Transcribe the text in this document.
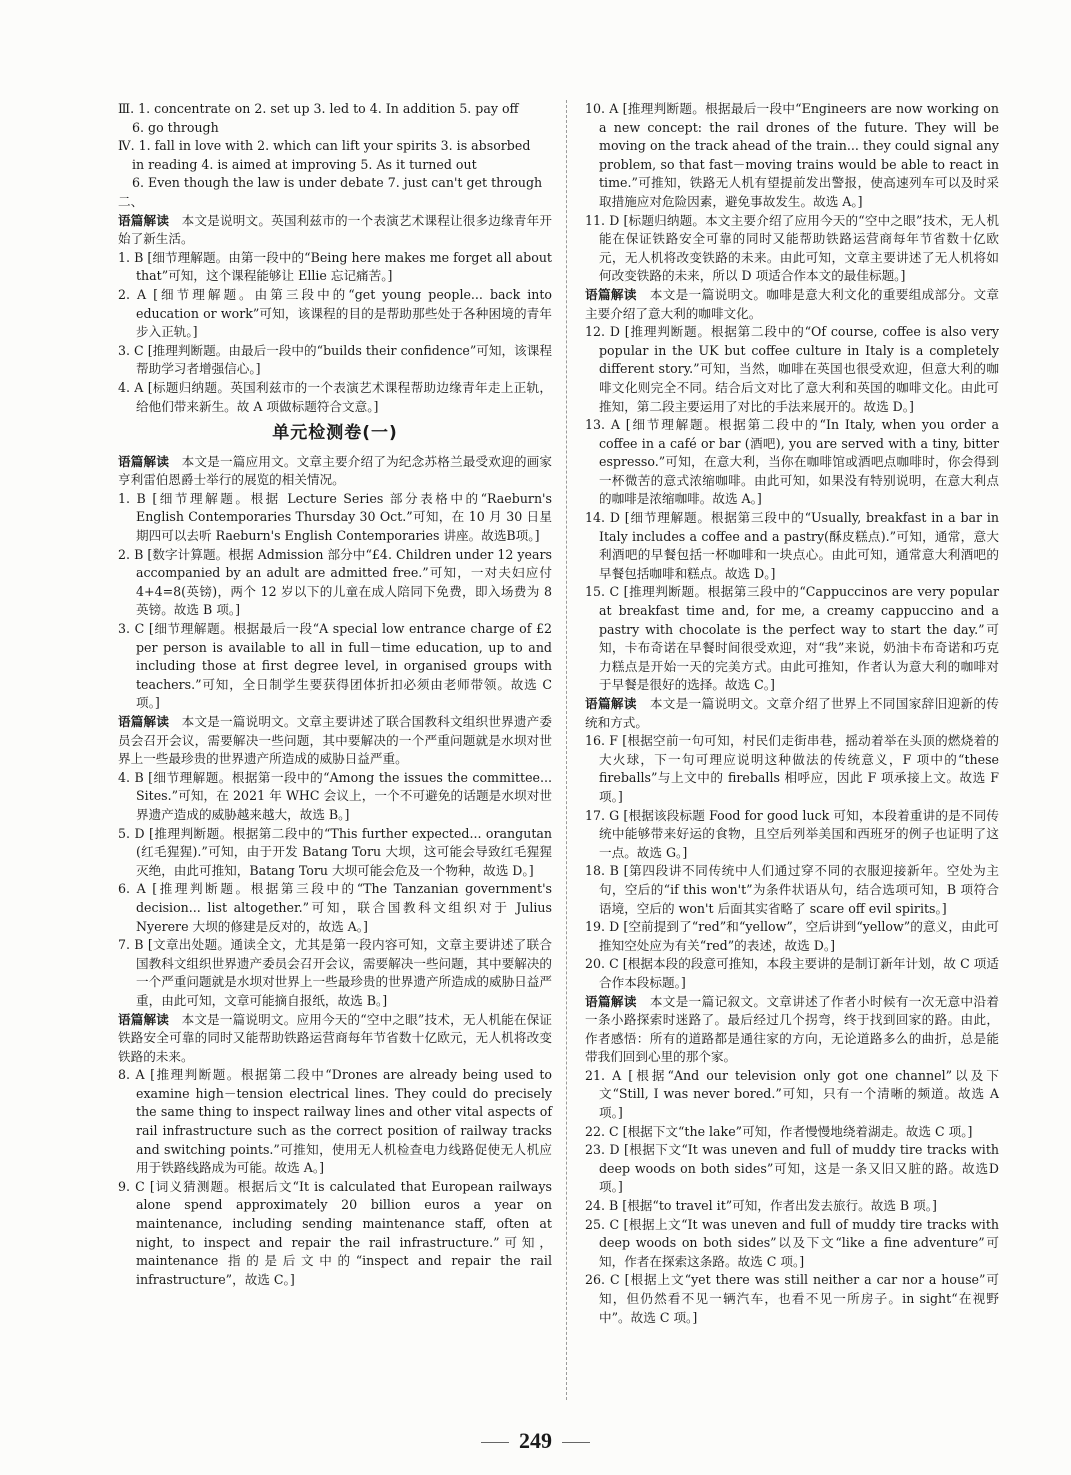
Ⅲ. 1. concentrate on 2. set up 3. led to 4. In addition 5. pay off

6. go through

Ⅳ. 1. fall in love with 2. which can lift your spirits 3. is absorbed

in reading 4. is aimed at improving 5. As it turned out

6. Even though the law is under debate 7. just can't get through

二、

语篇解读 本文是说明文。英国利兹市的一个表演艺术课程让很多边缘青年开始了新生活。

1. B [细节理解题。由第一段中的“Being here makes me forget all about that”可知，这个课程能够让 Ellie 忘记痛苦。]

2. A [细节理解题。由第三段中的“get young people... back into education or work”可知，该课程的目的是帮助那些处于各种困境的青年步入正轨。]

3. C [推理判断题。由最后一段中的“builds their confidence”可知，该课程帮助学习者增强信心。]

4. A [标题归纳题。英国利兹市的一个表演艺术课程帮助边缘青年走上正轨，给他们带来新生。故 A 项做标题符合文意。]

单元检测卷(一)

语篇解读 本文是一篇应用文。文章主要介绍了为纪念苏格兰最受欢迎的画家亨利雷伯恩爵士举行的展览的相关情况。

1. B [细节理解题。根据 Lecture Series 部分表格中的“Raeburn's English Contemporaries Thursday 30 Oct.”可知，在 10 月 30 日星期四可以去听 Raeburn's English Contemporaries 讲座。故选B项。]

2. B [数字计算题。根据 Admission 部分中“£4. Children under 12 years accompanied by an adult are admitted free.”可知，一对夫妇应付 4+4=8(英镑)，两个 12 岁以下的儿童在成人陪同下免费，即入场费为 8 英镑。故选 B 项。]

3. C [细节理解题。根据最后一段“A special low entrance charge of £2 per person is available to all in full－time education, up to and including those at first degree level, in organised groups with teachers.”可知，全日制学生要获得团体折扣必须由老师带领。故选 C 项。]

语篇解读 本文是一篇说明文。文章主要讲述了联合国教科文组织世界遗产委员会召开会议，需要解决一些问题，其中要解决的一个严重问题就是水坝对世界上一些最珍贵的世界遗产所造成的威胁日益严重。

4. B [细节理解题。根据第一段中的“Among the issues the committee... Sites.”可知，在 2021 年 WHC 会议上，一个不可避免的话题是水坝对世界遗产造成的威胁越来越大，故选 B。]

5. D [推理判断题。根据第二段中的“This further expected... orangutan (红毛猩猩).”可知，由于开发 Batang Toru 大坝，这可能会导致红毛猩猩灭绝，由此可推知，Batang Toru 大坝可能会危及一个物种，故选 D。]

6. A [推理判断题。根据第三段中的“The Tanzanian government's decision... list altogether.”可知，联合国教科文组织对于 Julius Nyerere 大坝的修建是反对的，故选 A。]

7. B [文章出处题。通读全文，尤其是第一段内容可知，文章主要讲述了联合国教科文组织世界遗产委员会召开会议，需要解决一些问题，其中要解决的一个严重问题就是水坝对世界上一些最珍贵的世界遗产所造成的威胁日益严重，由此可知，文章可能摘自报纸，故选 B。]

语篇解读 本文是一篇说明文。应用今天的“空中之眼”技术，无人机能在保证铁路安全可靠的同时又能帮助铁路运营商每年节省数十亿欧元，无人机将改变铁路的未来。

8. A [推理判断题。根据第二段中“Drones are already being used to examine high－tension electrical lines. They could do precisely the same thing to inspect railway lines and other vital aspects of rail infrastructure such as the correct position of railway tracks and switching points.”可推知，使用无人机检查电力线路促使无人机应用于铁路线路成为可能。故选 A。]

9. C [词义猜测题。根据后文“It is calculated that European railways alone spend approximately 20 billion euros a year on maintenance, including sending maintenance staff, often at night, to inspect and repair the rail infrastructure.”可知，maintenance 指的是后文中的“inspect and repair the rail infrastructure”，故选 C。]

10. A [推理判断题。根据最后一段中“Engineers are now working on a new concept: the rail drones of the future. They will be moving on the track ahead of the train... they could signal any problem, so that fast－moving trains would be able to react in time.”可推知，铁路无人机有望提前发出警报，使高速列车可以及时采取措施应对危险因素，避免事故发生。故选 A。]

11. D [标题归纳题。本文主要介绍了应用今天的“空中之眼”技术，无人机能在保证铁路安全可靠的同时又能帮助铁路运营商每年节省数十亿欧元，无人机将改变铁路的未来。由此可知，文章主要讲述了无人机将如何改变铁路的未来，所以 D 项适合作本文的最佳标题。]

语篇解读 本文是一篇说明文。咖啡是意大利文化的重要组成部分。文章主要介绍了意大利的咖啡文化。

12. D [推理判断题。根据第二段中的“Of course, coffee is also very popular in the UK but coffee culture in Italy is a completely different story.”可知，当然，咖啡在英国也很受欢迎，但意大利的咖啡文化则完全不同。结合后文对比了意大利和英国的咖啡文化。由此可推知，第二段主要运用了对比的手法来展开的。故选 D。]

13. A [细节理解题。根据第二段中的“In Italy, when you order a coffee in a café or bar (酒吧), you are served with a tiny, bitter espresso.”可知，在意大利，当你在咖啡馆或酒吧点咖啡时，你会得到一杯微苦的意式浓缩咖啡。由此可知，如果没有特别说明，在意大利点的咖啡是浓缩咖啡。故选 A。]

14. D [细节理解题。根据第三段中的“Usually, breakfast in a bar in Italy includes a coffee and a pastry(酥皮糕点).”可知，通常，意大利酒吧的早餐包括一杯咖啡和一块点心。由此可知，通常意大利酒吧的早餐包括咖啡和糕点。故选 D。]

15. C [推理判断题。根据第三段中的“Cappuccinos are very popular at breakfast time and, for me, a creamy cappuccino and a pastry with chocolate is the perfect way to start the day.”可知，卡布奇诺在早餐时间很受欢迎，对“我”来说，奶油卡布奇诺和巧克力糕点是开始一天的完美方式。由此可推知，作者认为意大利的咖啡对于早餐是很好的选择。故选 C。]

语篇解读 本文是一篇说明文。文章介绍了世界上不同国家辞旧迎新的传统和方式。

16. F [根据空前一句可知，村民们走街串巷，摇动着举在头顶的燃烧着的大火球，下一句可理应说明这种做法的传统意义，F 项中的“these fireballs”与上文中的 fireballs 相呼应，因此 F 项承接上文。故选 F 项。]

17. G [根据该段标题 Food for good luck 可知，本段着重讲的是不同传统中能够带来好运的食物，且空后列举美国和西班牙的例子也证明了这一点。故选 G。]

18. B [第四段讲不同传统中人们通过穿不同的衣服迎接新年。空处为主句，空后的“if this won't”为条件状语从句，结合选项可知，B 项符合语境，空后的 won't 后面其实省略了 scare off evil spirits。]

19. D [空前提到了“red”和“yellow”，空后讲到“yellow”的意义，由此可推知空处应为有关“red”的表述，故选 D。]

20. C [根据本段的段意可推知，本段主要讲的是制订新年计划，故 C 项适合作本段标题。]

语篇解读 本文是一篇记叙文。文章讲述了作者小时候有一次无意中沿着一条小路探索时迷路了。最后经过几个拐弯，终于找到回家的路。由此，作者感悟：所有的道路都是通往家的方向，无论道路多么的曲折，总是能带我们回到心里的那个家。

21. A [根据“And our television only got one channel”以及下文“Still, I was never bored.”可知，只有一个清晰的频道。故选 A 项。]

22. C [根据下文“the lake”可知，作者慢慢地绕着湖走。故选 C 项。]

23. D [根据下文“It was uneven and full of muddy tire tracks with deep woods on both sides”可知，这是一条又旧又脏的路。故选D项。]

24. B [根据“to travel it”可知，作者出发去旅行。故选 B 项。]

25. C [根据上文“It was uneven and full of muddy tire tracks with deep woods on both sides”以及下文“like a fine adventure”可知，作者在探索这条路。故选 C 项。]

26. C [根据上文“yet there was still neither a car nor a house”可知，但仍然看不见一辆汽车，也看不见一所房子。in sight“在视野中”。故选 C 项。]

249
